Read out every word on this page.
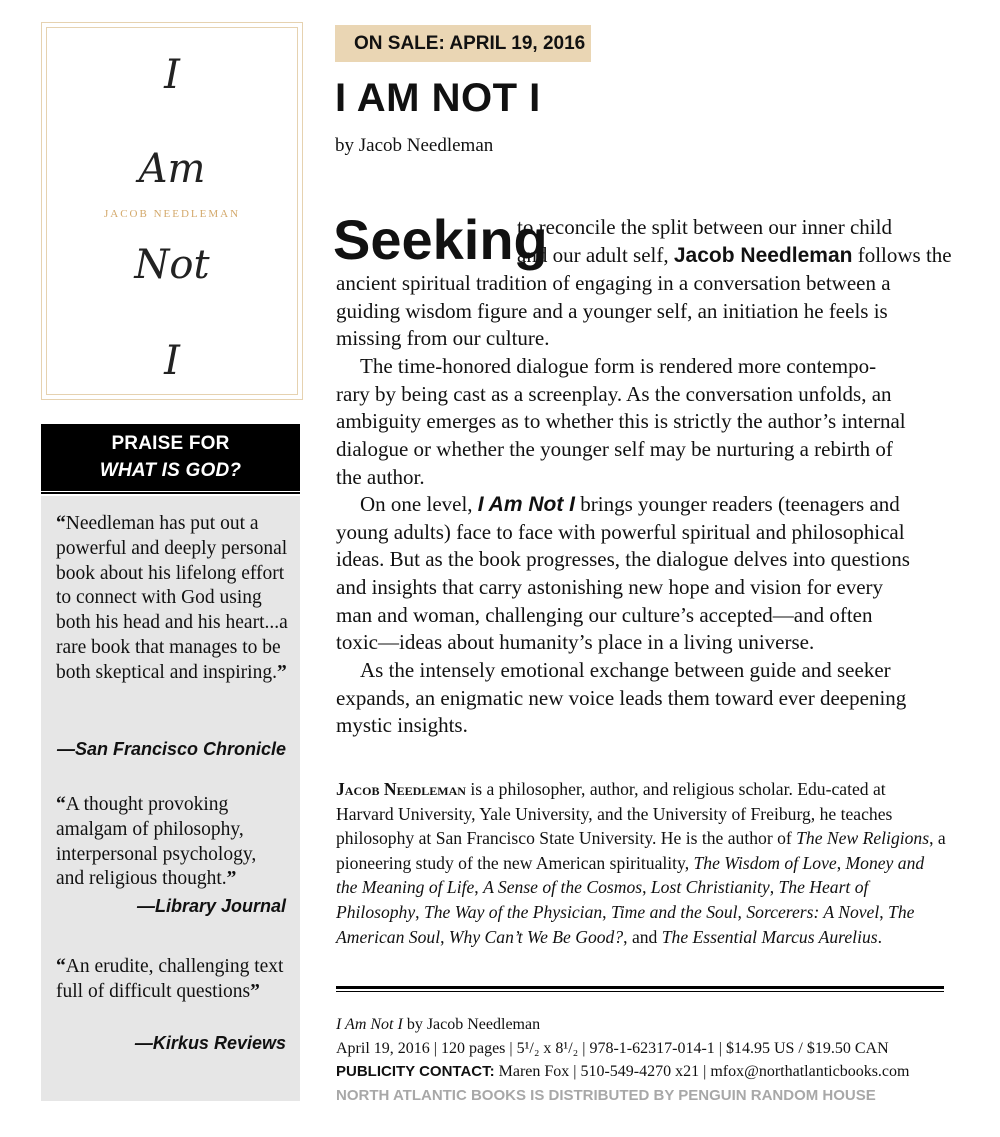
I
Am
JACOB NEEDLEMAN
Not
I
PRAISE FOR
WHAT IS GOD?
“Needleman has put out a powerful and deeply personal book about his lifelong effort to connect with God using both his head and his heart...a rare book that manages to be both skeptical and inspiring.”
—San Francisco Chronicle
“A thought provoking amalgam of philosophy, interpersonal psychology, and religious thought.”
—Library Journal
“An erudite, challenging text full of difficult questions”
—Kirkus Reviews
ON SALE: APRIL 19, 2016
I AM NOT I
by Jacob Needleman
Seeking
to reconcile the split between our inner child
and our adult self, Jacob Needleman follows the
ancient spiritual tradition of engaging in a conversation between a
guiding wisdom figure and a younger self, an initiation he feels is
missing from our culture.
The time-honored dialogue form is rendered more contempo-
rary by being cast as a screenplay. As the conversation unfolds, an
ambiguity emerges as to whether this is strictly the author’s internal
dialogue or whether the younger self may be nurturing a rebirth of
the author.
On one level, I Am Not I brings younger readers (teenagers and
young adults) face to face with powerful spiritual and philosophical
ideas. But as the book progresses, the dialogue delves into questions
and insights that carry astonishing new hope and vision for every
man and woman, challenging our culture’s accepted—and often
toxic—ideas about humanity’s place in a living universe.
As the intensely emotional exchange between guide and seeker
expands, an enigmatic new voice leads them toward ever deepening
mystic insights.
Jacob Needleman is a philosopher, author, and religious scholar. Edu-cated at Harvard University, Yale University, and the University of Freiburg, he teaches philosophy at San Francisco State University. He is the author of The New Religions, a pioneering study of the new American spirituality, The Wisdom of Love, Money and the Meaning of Life, A Sense of the Cosmos, Lost Christianity, The Heart of Philosophy, The Way of the Physician, Time and the Soul, Sorcerers: A Novel, The American Soul, Why Can’t We Be Good?, and The Essential Marcus Aurelius.
I Am Not I by Jacob Needleman
April 19, 2016 | 120 pages | 5¹/₂ x 8¹/₂ | 978-1-62317-014-1 | $14.95 US / $19.50 CAN
PUBLICITY CONTACT: Maren Fox | 510-549-4270 x21 | mfox@northatlanticbooks.com
NORTH ATLANTIC BOOKS IS DISTRIBUTED BY PENGUIN RANDOM HOUSE
